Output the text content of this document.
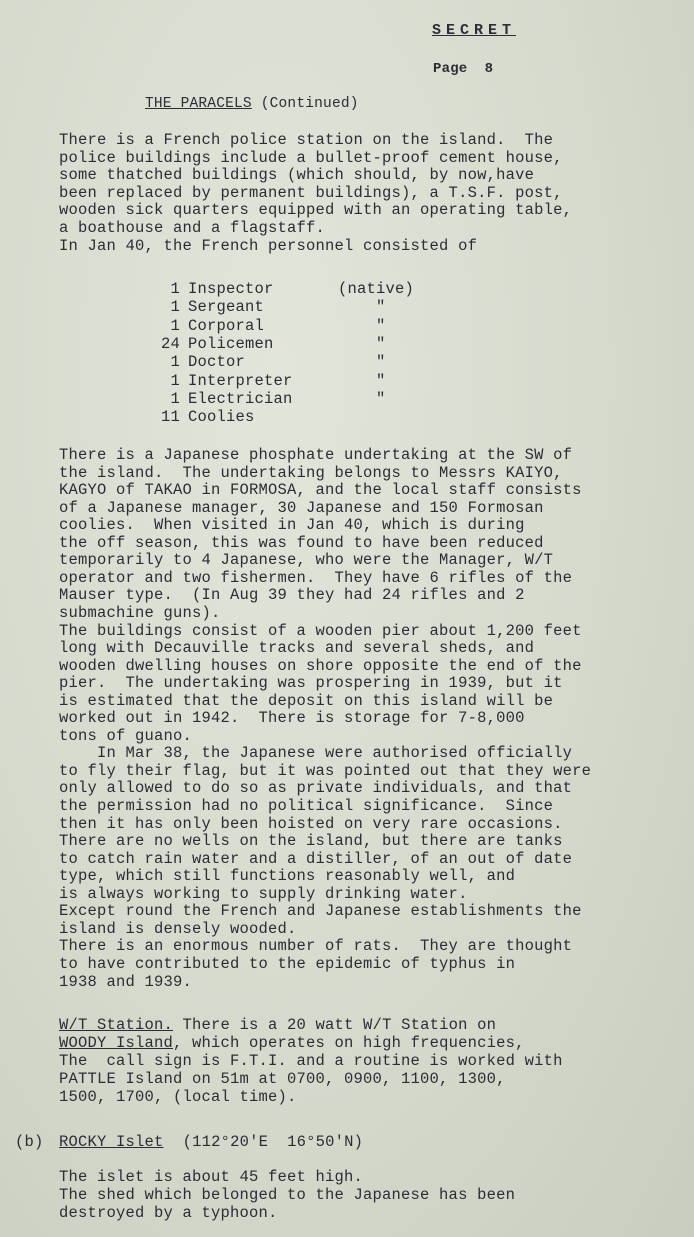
SECRET
Page  8
THE PARACELS (Continued)
There is a French police station on the island.  The
police buildings include a bullet-proof cement house,
some thatched buildings (which should, by now,have
been replaced by permanent buildings), a T.S.F. post,
wooden sick quarters equipped with an operating table,
a boathouse and a flagstaff.
In Jan 40, the French personnel consisted of
1 Inspector	(native)
1 Sergeant	"
1 Corporal	"
24 Policemen	"
1 Doctor	"
1 Interpreter	"
1 Electrician	"
11 Coolies
There is a Japanese phosphate undertaking at the SW of
the island.  The undertaking belongs to Messrs KAIYO,
KAGYO of TAKAO in FORMOSA, and the local staff consists
of a Japanese manager, 30 Japanese and 150 Formosan
coolies.  When visited in Jan 40, which is during
the off season, this was found to have been reduced
temporarily to 4 Japanese, who were the Manager, W/T
operator and two fishermen.  They have 6 rifles of the
Mauser type.  (In Aug 39 they had 24 rifles and 2
submachine guns).
The buildings consist of a wooden pier about 1,200 feet
long with Decauville tracks and several sheds, and
wooden dwelling houses on shore opposite the end of the
pier.  The undertaking was prospering in 1939, but it
is estimated that the deposit on this island will be
worked out in 1942.  There is storage for 7-8,000
tons of guano.
In Mar 38, the Japanese were authorised officially
to fly their flag, but it was pointed out that they were
only allowed to do so as private individuals, and that
the permission had no political significance.  Since
then it has only been hoisted on very rare occasions.
There are no wells on the island, but there are tanks
to catch rain water and a distiller, of an out of date
type, which still functions reasonably well, and
is always working to supply drinking water.
Except round the French and Japanese establishments the
island is densely wooded.
There is an enormous number of rats.  They are thought
to have contributed to the epidemic of typhus in
1938 and 1939.
W/T Station. There is a 20 watt W/T Station on
WOODY Island, which operates on high frequencies,
The  call sign is F.T.I. and a routine is worked with
PATTLE Island on 51m at 0700, 0900, 1100, 1300,
1500, 1700, (local time).
(b) ROCKY Islet  (112°20'E  16°50'N)
The islet is about 45 feet high.
The shed which belonged to the Japanese has been
destroyed by a typhoon.
